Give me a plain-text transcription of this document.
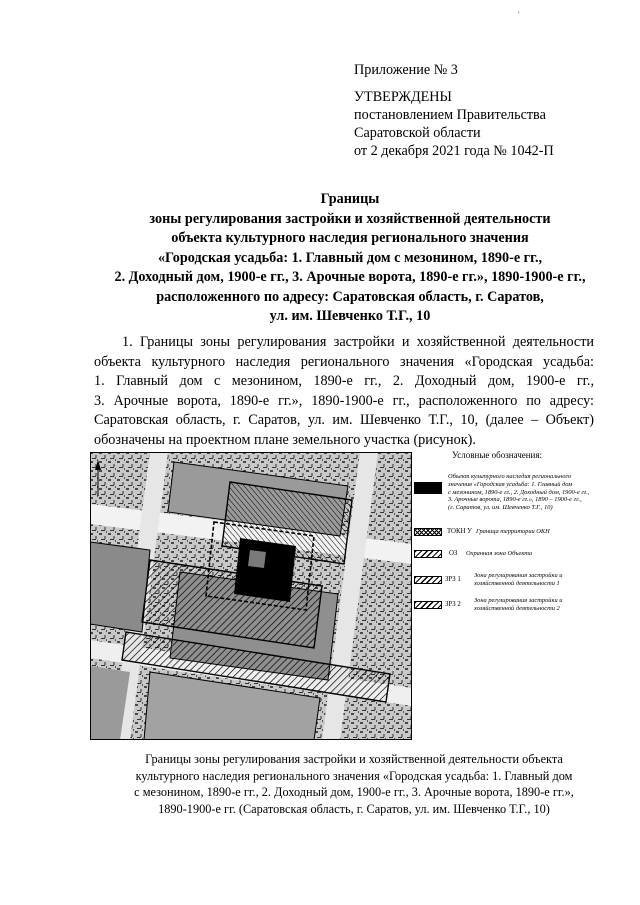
'
Приложение № 3
УТВЕРЖДЕНЫ
постановлением Правительства
Саратовской области
от 2 декабря 2021 года № 1042-П
Границы
зоны регулирования застройки и хозяйственной деятельности
объекта культурного наследия регионального значения
«Городская усадьба: 1. Главный дом с мезонином, 1890-е гг.,
2. Доходный дом, 1900-е гг., 3. Арочные ворота, 1890-е гг.», 1890-1900-е гг.,
расположенного по адресу: Саратовская область, г. Саратов,
ул. им. Шевченко Т.Г., 10
1. Границы зоны регулирования застройки и хозяйственной деятельности
объекта культурного наследия регионального значения «Городская усадьба:
1. Главный дом с мезонином, 1890-е гг., 2. Доходный дом, 1900-е гг.,
3. Арочные ворота, 1890-е гг.», 1890-1900-е гг., расположенного по адресу:
Саратовская область, г. Саратов, ул. им. Шевченко Т.Г., 10, (далее – Объект)
обозначены на проектном плане земельного участка (рисунок).
Условные обозначения:
Объект культурного наследия регионального
значения «Городская усадьба: 1. Главный дом
с мезонином, 1890-е гг., 2. Доходный дом, 1900-е гг.,
3. Арочные ворота, 1890-е гг.», 1890 – 1900-е гг.,
(г. Саратов, ул. им. Шевченко Т.Г., 10)
ТОКН У Граница территории ОКН
ОЗ Охранная зона Объекта
ЗРЗ 1
Зона регулирования застройки и
хозяйственной деятельности 1
ЗРЗ 2
Зона регулирования застройки и
хозяйственной деятельности 2
Границы зоны регулирования застройки и хозяйственной деятельности объекта
культурного наследия регионального значения «Городская усадьба: 1. Главный дом
с мезонином, 1890-е гг., 2. Доходный дом, 1900-е гг., 3. Арочные ворота, 1890-е гг.»,
1890-1900-е гг. (Саратовская область, г. Саратов, ул. им. Шевченко Т.Г., 10)
